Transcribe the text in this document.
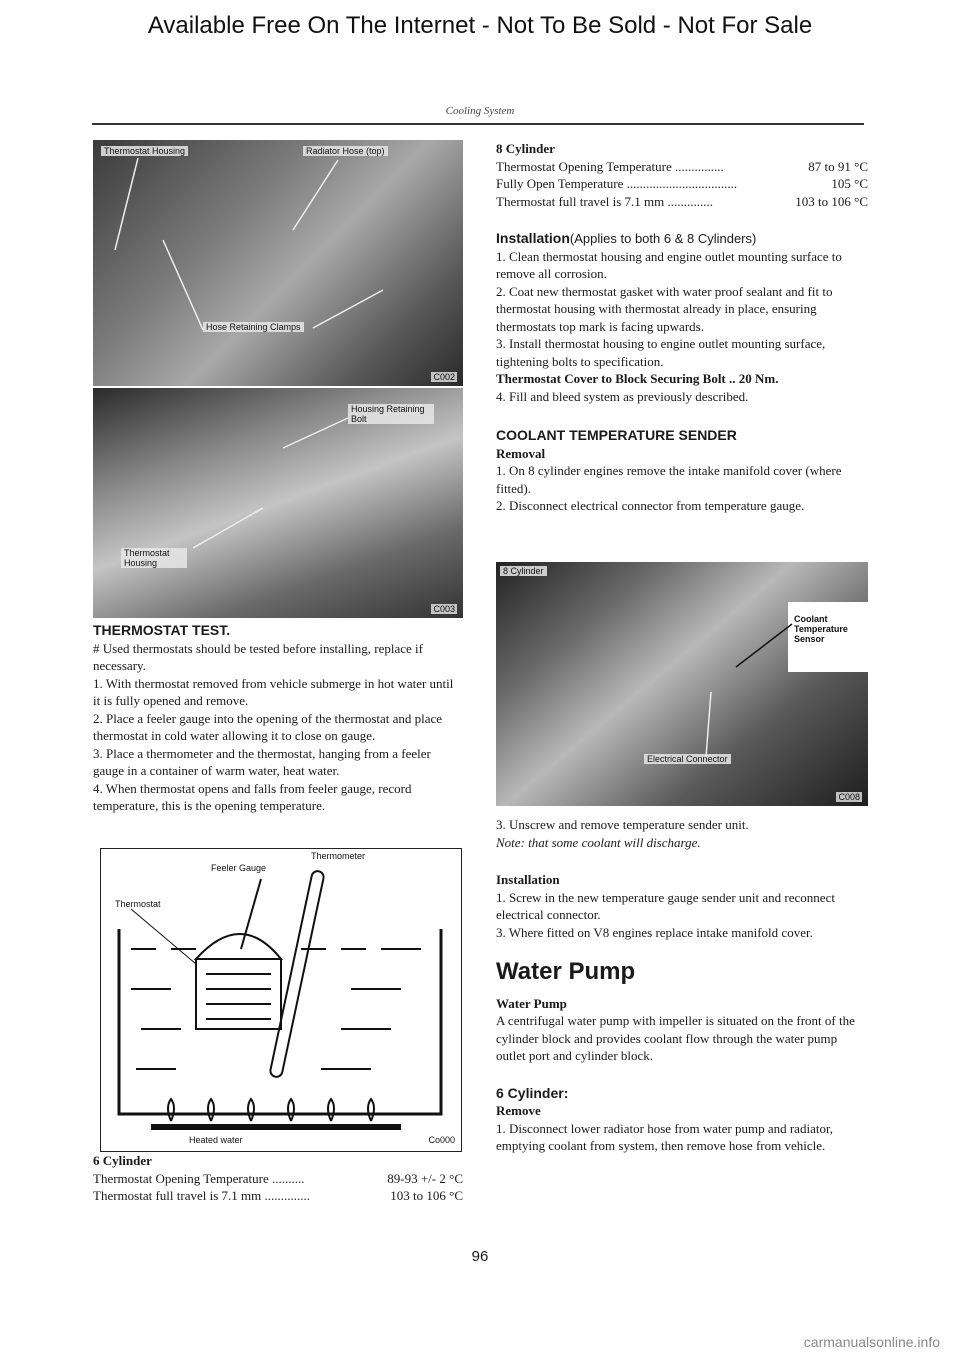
Available Free On The Internet - Not To Be Sold - Not For Sale
Cooling System
Thermostat Housing	Radiator Hose (top)
Hose Retaining Clamps
C002
Housing Retaining Bolt
Thermostat Housing
C003

THERMOSTAT TEST.

# Used thermostats should be tested before installing, replace if necessary.

1. With thermostat removed from vehicle submerge in hot water until it is fully opened and remove.

2. Place a feeler gauge into the opening of the thermostat and place thermostat in cold water allowing it to close on gauge.

3. Place a thermometer and the thermostat, hanging from a feeler gauge in a container of warm water, heat water.

4. When thermostat opens and falls from feeler gauge, record temperature, this is the opening temperature.

Thermometer
Feeler Gauge
Thermostat
Heated water	Co000

6 Cylinder

Thermostat Opening Temperature ..........	89-93 +/- 2 °C
Thermostat full travel is 7.1 mm ..............	103 to 106 °C

8 Cylinder

Thermostat Opening Temperature ...............	87 to 91 °C
Fully Open Temperature ..................................	105 °C
Thermostat full travel is 7.1 mm ..............	103 to 106 °C

Installation(Applies to both 6 & 8 Cylinders)

1. Clean thermostat housing and engine outlet mounting surface to remove all corrosion.

2. Coat new thermostat gasket with water proof sealant and fit to thermostat housing with thermostat already in place, ensuring thermostats top mark is facing upwards.

3. Install thermostat housing to engine outlet mounting surface, tightening bolts to specification.

Thermostat Cover to Block Securing Bolt .. 20 Nm.

4. Fill and bleed system as previously described.

COOLANT TEMPERATURE SENDER

Removal

1. On 8 cylinder engines remove the intake manifold cover (where fitted).

2. Disconnect electrical connector from temperature gauge.

8 Cylinder
Coolant Temperature Sensor
Electrical Connector
C008

3. Unscrew and remove temperature sender unit.

Note: that some coolant will discharge.

Installation

1. Screw in the new temperature gauge sender unit and reconnect electrical connector.

3. Where fitted on V8 engines replace intake manifold cover.

Water Pump

Water Pump

A centrifugal water pump with impeller is situated on the front of the cylinder block and provides coolant flow through the water pump outlet port and cylinder block.

6 Cylinder:

Remove

1. Disconnect lower radiator hose from water pump and radiator, emptying coolant from system, then remove hose from vehicle.

96
carmanualsonline.info
